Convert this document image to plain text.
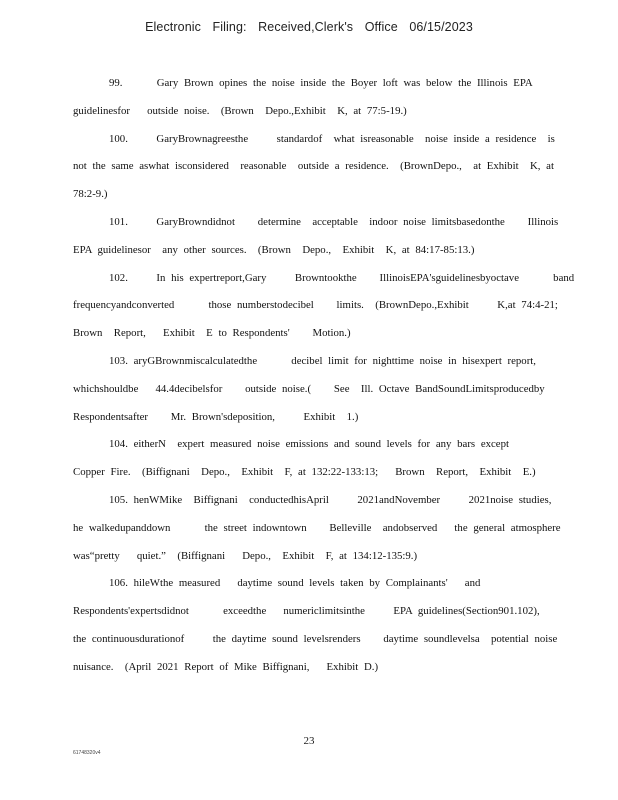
Electronic Filing: Received,Clerk's Office 06/15/2023
99.      Gary Brown opines the noise inside the Boyer loft was below the Illinois EPA
guidelinesfor   outside noise.  (Brown  Depo.,Exhibit  K, at 77:5-19.)
100.     GaryBrownagreesthe     standardof  what isreasonable  noise inside a residence  is
not the same aswhat isconsidered  reasonable  outside a residence.  (BrownDepo.,  at Exhibit  K, at
78:2-9.)
101.     GaryBrowndidnot    determine  acceptable  indoor noise limitsbasedonthe    Illinois
EPA guidelinesor  any other sources.  (Brown  Depo.,  Exhibit  K, at 84:17-85:13.)
102.     In his expertreport,Gary     Browntookthe    IllinoisEPA'sguidelinesbyoctave      band
frequencyandconverted      those numberstodecibel    limits.  (BrownDepo.,Exhibit     K,at 74:4-21;
Brown  Report,   Exhibit  E to Respondents'    Motion.)
103. aryGBrownmiscalculatedthe      decibel limit for nighttime noise in hisexpert report,
whichshouldbe   44.4decibelsfor    outside noise.(    See  Ill. Octave BandSoundLimitsproducedby
Respondentsafter    Mr. Brown'sdeposition,     Exhibit  1.)
104. eitherN  expert measured noise emissions and sound levels for any bars except
Copper Fire.  (Biffignani  Depo.,  Exhibit  F, at 132:22-133:13;   Brown  Report,  Exhibit  E.)
105. henWMike  Biffignani  conductedhisApril     2021andNovember     2021noise studies,
he walkedupanddown      the street indowntown    Belleville  andobserved   the general atmosphere
was“pretty   quiet.”  (Biffignani   Depo.,  Exhibit  F, at 134:12-135:9.)
106. hileWthe measured   daytime sound levels taken by Complainants'   and
Respondents'expertsdidnot      exceedthe   numericlimitsinthe     EPA guidelines(Section901.102),
the continuousdurationof     the daytime sound levelsrenders    daytime soundlevelsa  potential noise
nuisance.  (April 2021 Report of Mike Biffignani,   Exhibit D.)
23
61748320v4
